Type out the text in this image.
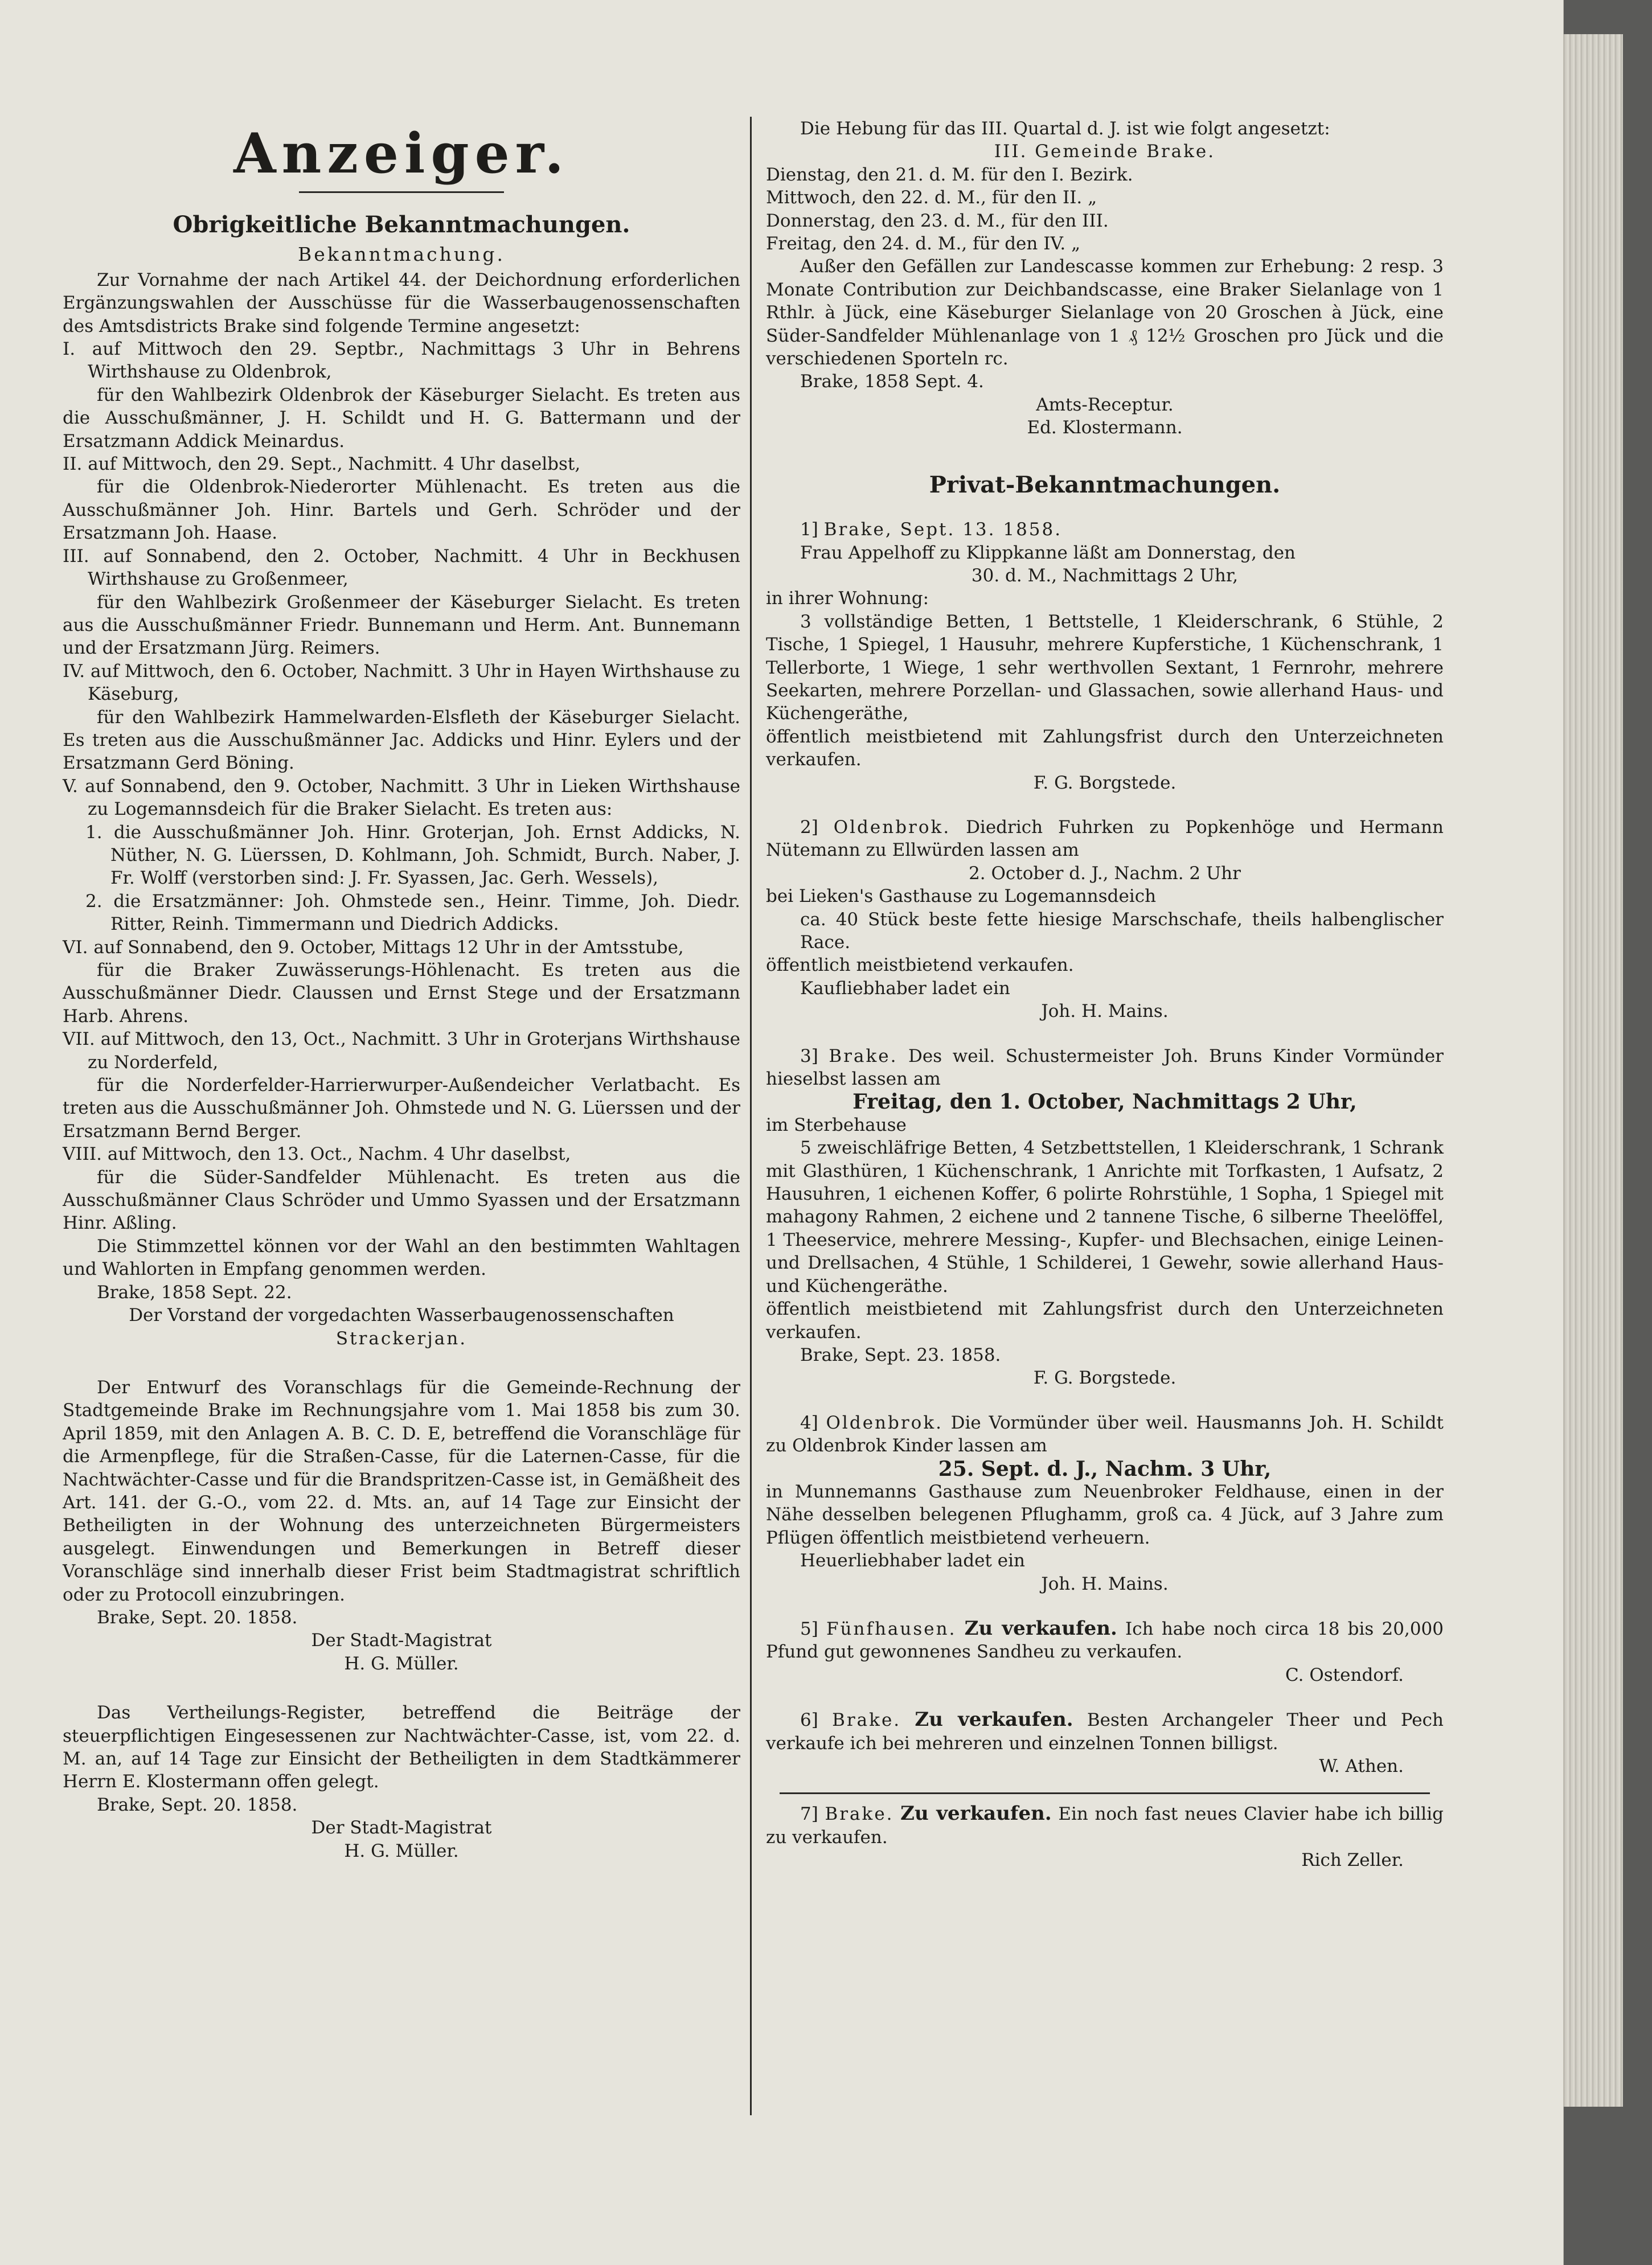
Anzeiger.
Obrigkeitliche Bekanntmachungen.
Bekanntmachung.

Zur Vornahme der nach Artikel 44. der Deichordnung erforderlichen Ergänzungswahlen der Ausschüsse für die Wasserbaugenossenschaften des Amtsdistricts Brake sind folgende Termine angesetzt:

I. auf Mittwoch den 29. Septbr., Nachmittags 3 Uhr in Behrens Wirthshause zu Oldenbrok,

für den Wahlbezirk Oldenbrok der Käseburger Sielacht. Es treten aus die Ausschußmänner, J. H. Schildt und H. G. Battermann und der Ersatzmann Addick Meinardus.

II. auf Mittwoch, den 29. Sept., Nachmitt. 4 Uhr daselbst,

für die Oldenbrok-Niederorter Mühlenacht. Es treten aus die Ausschußmänner Joh. Hinr. Bartels und Gerh. Schröder und der Ersatzmann Joh. Haase.

III. auf Sonnabend, den 2. October, Nachmitt. 4 Uhr in Beckhusen Wirthshause zu Großenmeer,

für den Wahlbezirk Großenmeer der Käseburger Sielacht. Es treten aus die Ausschußmänner Friedr. Bunnemann und Herm. Ant. Bunnemann und der Ersatzmann Jürg. Reimers.

IV. auf Mittwoch, den 6. October, Nachmitt. 3 Uhr in Hayen Wirthshause zu Käseburg,

für den Wahlbezirk Hammelwarden-Elsfleth der Käseburger Sielacht. Es treten aus die Ausschußmänner Jac. Addicks und Hinr. Eylers und der Ersatzmann Gerd Böning.

V. auf Sonnabend, den 9. October, Nachmitt. 3 Uhr in Lieken Wirthshause zu Logemannsdeich für die Braker Sielacht. Es treten aus:

1. die Ausschußmänner Joh. Hinr. Groterjan, Joh. Ernst Addicks, N. Nüther, N. G. Lüerssen, D. Kohlmann, Joh. Schmidt, Burch. Naber, J. Fr. Wolff (verstorben sind: J. Fr. Syassen, Jac. Gerh. Wessels),

2. die Ersatzmänner: Joh. Ohmstede sen., Heinr. Timme, Joh. Diedr. Ritter, Reinh. Timmermann und Diedrich Addicks.

VI. auf Sonnabend, den 9. October, Mittags 12 Uhr in der Amtsstube,

für die Braker Zuwässerungs-Höhlenacht. Es treten aus die Ausschußmänner Diedr. Claussen und Ernst Stege und der Ersatzmann Harb. Ahrens.

VII. auf Mittwoch, den 13, Oct., Nachmitt. 3 Uhr in Groterjans Wirthshause zu Norderfeld,

für die Norderfelder-Harrierwurper-Außendeicher Verlatbacht. Es treten aus die Ausschußmänner Joh. Ohmstede und N. G. Lüerssen und der Ersatzmann Bernd Berger.

VIII. auf Mittwoch, den 13. Oct., Nachm. 4 Uhr daselbst,

für die Süder-Sandfelder Mühlenacht. Es treten aus die Ausschußmänner Claus Schröder und Ummo Syassen und der Ersatzmann Hinr. Aßling.

Die Stimmzettel können vor der Wahl an den bestimmten Wahltagen und Wahlorten in Empfang genommen werden.

Brake, 1858 Sept. 22.

Der Vorstand der vorgedachten Wasserbaugenossenschaften

Strackerjan.

Der Entwurf des Voranschlags für die Gemeinde-Rechnung der Stadtgemeinde Brake im Rechnungsjahre vom 1. Mai 1858 bis zum 30. April 1859, mit den Anlagen A. B. C. D. E, betreffend die Voranschläge für die Armenpflege, für die Straßen-Casse, für die Laternen-Casse, für die Nachtwächter-Casse und für die Brandspritzen-Casse ist, in Gemäßheit des Art. 141. der G.-O., vom 22. d. Mts. an, auf 14 Tage zur Einsicht der Betheiligten in der Wohnung des unterzeichneten Bürgermeisters ausgelegt. Einwendungen und Bemerkungen in Betreff dieser Voranschläge sind innerhalb dieser Frist beim Stadtmagistrat schriftlich oder zu Protocoll einzubringen.

Brake, Sept. 20. 1858.

Der Stadt-Magistrat

H. G. Müller.

Das Vertheilungs-Register, betreffend die Beiträge der steuerpflichtigen Eingesessenen zur Nachtwächter-Casse, ist, vom 22. d. M. an, auf 14 Tage zur Einsicht der Betheiligten in dem Stadtkämmerer Herrn E. Klostermann offen gelegt.

Brake, Sept. 20. 1858.

Der Stadt-Magistrat

H. G. Müller.

Die Hebung für das III. Quartal d. J. ist wie folgt angesetzt:

III. Gemeinde Brake.

Dienstag, den 21. d. M. für den I. Bezirk.

Mittwoch, den 22. d. M., für den II. „

Donnerstag, den 23. d. M., für den III.

Freitag, den 24. d. M., für den IV. „

Außer den Gefällen zur Landescasse kommen zur Erhebung: 2 resp. 3 Monate Contribution zur Deichbandscasse, eine Braker Sielanlage von 1 Rthlr. à Jück, eine Käseburger Sielanlage von 20 Groschen à Jück, eine Süder-Sandfelder Mühlenanlage von 1 ₰ 12½ Groschen pro Jück und die verschiedenen Sporteln rc.

Brake, 1858 Sept. 4.

Amts-Receptur.

Ed. Klostermann.

Privat-Bekanntmachungen.

1] Brake, Sept. 13. 1858.

Frau Appelhoff zu Klippkanne läßt am Donnerstag, den

30. d. M., Nachmittags 2 Uhr,

in ihrer Wohnung:

3 vollständige Betten, 1 Bettstelle, 1 Kleiderschrank, 6 Stühle, 2 Tische, 1 Spiegel, 1 Hausuhr, mehrere Kupferstiche, 1 Küchenschrank, 1 Tellerborte, 1 Wiege, 1 sehr werthvollen Sextant, 1 Fernrohr, mehrere Seekarten, mehrere Porzellan- und Glassachen, sowie allerhand Haus- und Küchengeräthe,

öffentlich meistbietend mit Zahlungsfrist durch den Unterzeichneten verkaufen.

F. G. Borgstede.

2] Oldenbrok. Diedrich Fuhrken zu Popkenhöge und Hermann Nütemann zu Ellwürden lassen am

2. October d. J., Nachm. 2 Uhr

bei Lieken's Gasthause zu Logemannsdeich

ca. 40 Stück beste fette hiesige Marschschafe, theils halbenglischer Race.

öffentlich meistbietend verkaufen.

Kaufliebhaber ladet ein

Joh. H. Mains.

3] Brake. Des weil. Schustermeister Joh. Bruns Kinder Vormünder hieselbst lassen am

Freitag, den 1. October, Nachmittags 2 Uhr,

im Sterbehause

5 zweischläfrige Betten, 4 Setzbettstellen, 1 Kleiderschrank, 1 Schrank mit Glasthüren, 1 Küchenschrank, 1 Anrichte mit Torfkasten, 1 Aufsatz, 2 Hausuhren, 1 eichenen Koffer, 6 polirte Rohrstühle, 1 Sopha, 1 Spiegel mit mahagony Rahmen, 2 eichene und 2 tannene Tische, 6 silberne Theelöffel, 1 Theeservice, mehrere Messing-, Kupfer- und Blechsachen, einige Leinen- und Drellsachen, 4 Stühle, 1 Schilderei, 1 Gewehr, sowie allerhand Haus- und Küchengeräthe.

öffentlich meistbietend mit Zahlungsfrist durch den Unterzeichneten verkaufen.

Brake, Sept. 23. 1858.

F. G. Borgstede.

4] Oldenbrok. Die Vormünder über weil. Hausmanns Joh. H. Schildt zu Oldenbrok Kinder lassen am

25. Sept. d. J., Nachm. 3 Uhr,

in Munnemanns Gasthause zum Neuenbroker Feldhause, einen in der Nähe desselben belegenen Pflughamm, groß ca. 4 Jück, auf 3 Jahre zum Pflügen öffentlich meistbietend verheuern.

Heuerliebhaber ladet ein

Joh. H. Mains.

5] Fünfhausen. Zu verkaufen. Ich habe noch circa 18 bis 20,000 Pfund gut gewonnenes Sandheu zu verkaufen.

C. Ostendorf.

6] Brake. Zu verkaufen. Besten Archangeler Theer und Pech verkaufe ich bei mehreren und einzelnen Tonnen billigst.

W. Athen.

7] Brake. Zu verkaufen. Ein noch fast neues Clavier habe ich billig zu verkaufen.

Rich Zeller.
